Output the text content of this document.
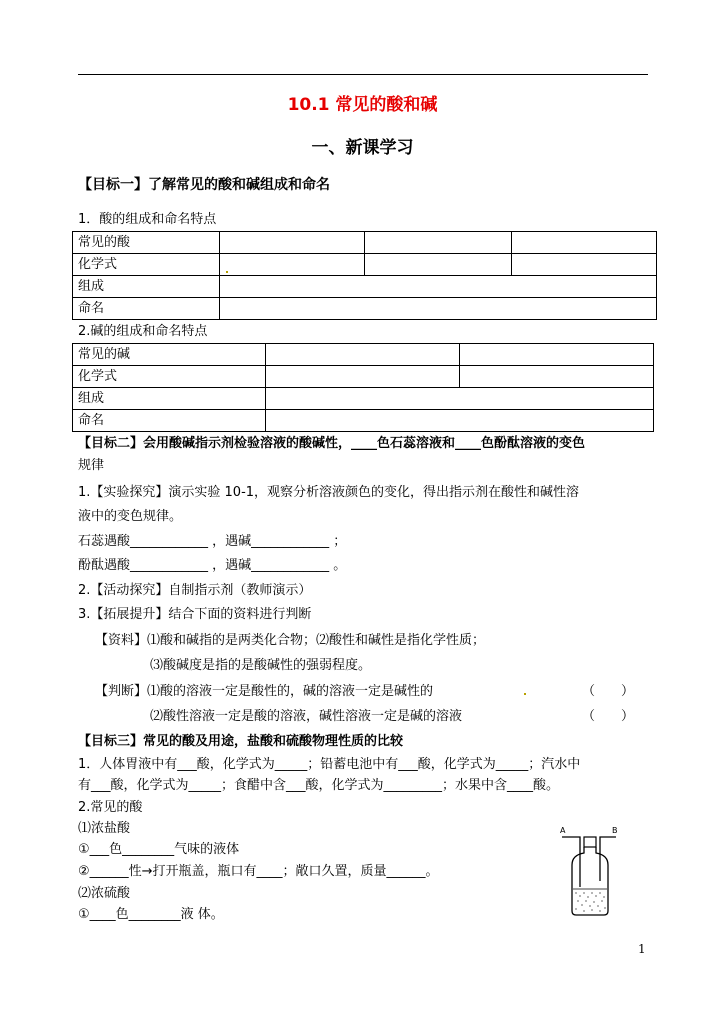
10.1 常见的酸和碱
一、新课学习
【目标一】了解常见的酸和碱组成和命名
1．酸的组成和命名特点
常见的酸			
化学式			
组成			
命名			
2.碱的组成和命名特点
常见的碱		
化学式		
组成		
命名		
【目标二】会用酸碱指示剂检验溶液的酸碱性，____色石蕊溶液和____色酚酞溶液的变色
规律
1.【实验探究】演示实验 10-1，观察分析溶液颜色的变化，得出指示剂在酸性和碱性溶
液中的变色规律。
石蕊遇酸____________ ，遇碱____________ ；
酚酞遇酸____________ ，遇碱____________ 。
2.【活动探究】自制指示剂（教师演示）
3.【拓展提升】结合下面的资料进行判断
【资料】⑴酸和碱指的是两类化合物；⑵酸性和碱性是指化学性质；
⑶酸碱度是指的是酸碱性的强弱程度。
【判断】⑴酸的溶液一定是酸性的，碱的溶液一定是碱性的	（　　）
⑵酸性溶液一定是酸的溶液，碱性溶液一定是碱的溶液	（　　）
【目标三】常见的酸及用途，盐酸和硫酸物理性质的比较
1．人体胃液中有___酸，化学式为_____；铅蓄电池中有___酸，化学式为_____；汽水中
有___酸，化学式为_____；食醋中含___酸，化学式为_________；水果中含____酸。
2.常见的酸
⑴浓盐酸
①___色________气味的液体
②______性→打开瓶盖，瓶口有____；敞口久置，质量______。
⑵浓硫酸
①____色________液 体。
A	B
1
